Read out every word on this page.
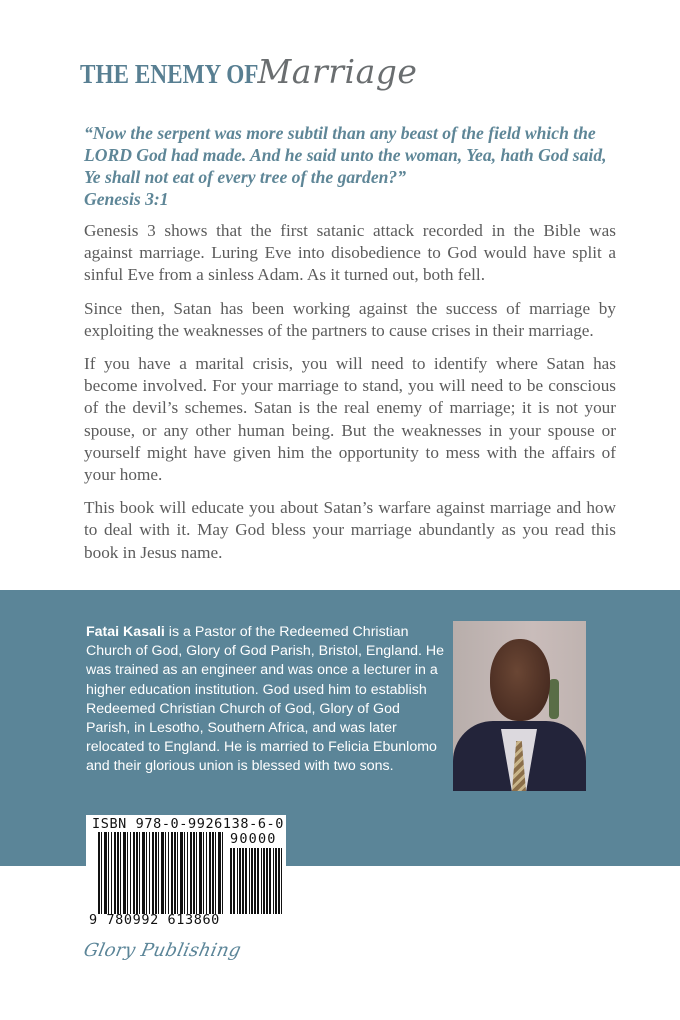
THE ENEMY OF Marriage
“Now the serpent was more subtil than any beast of the field which the LORD God had made. And he said unto the woman, Yea, hath God said, Ye shall not eat of every tree of the garden?”
Genesis 3:1

Genesis 3 shows that the first satanic attack recorded in the Bible was against marriage. Luring Eve into disobedience to God would have split a sinful Eve from a sinless Adam. As it turned out, both fell.

Since then, Satan has been working against the success of marriage by exploiting the weaknesses of the partners to cause crises in their marriage.

If you have a marital crisis, you will need to identify where Satan has become involved. For your marriage to stand, you will need to be conscious of the devil’s schemes. Satan is the real enemy of marriage; it is not your spouse, or any other human being. But the weaknesses in your spouse or yourself might have given him the opportunity to mess with the affairs of your home.

This book will educate you about Satan’s warfare against marriage and how to deal with it. May God bless your marriage abundantly as you read this book in Jesus name.

Fatai Kasali is a Pastor of the Redeemed Christian Church of God, Glory of God Parish, Bristol, England. He was trained as an engineer and was once a lecturer in a higher education institution. God used him to establish Redeemed Christian Church of God, Glory of God Parish, in Lesotho, Southern Africa, and was later relocated to England. He is married to Felicia Ebunlomo and their glorious union is blessed with two sons.
ISBN 978-0-9926138-6-0
90000
9 780992 613860
Glory Publishing
